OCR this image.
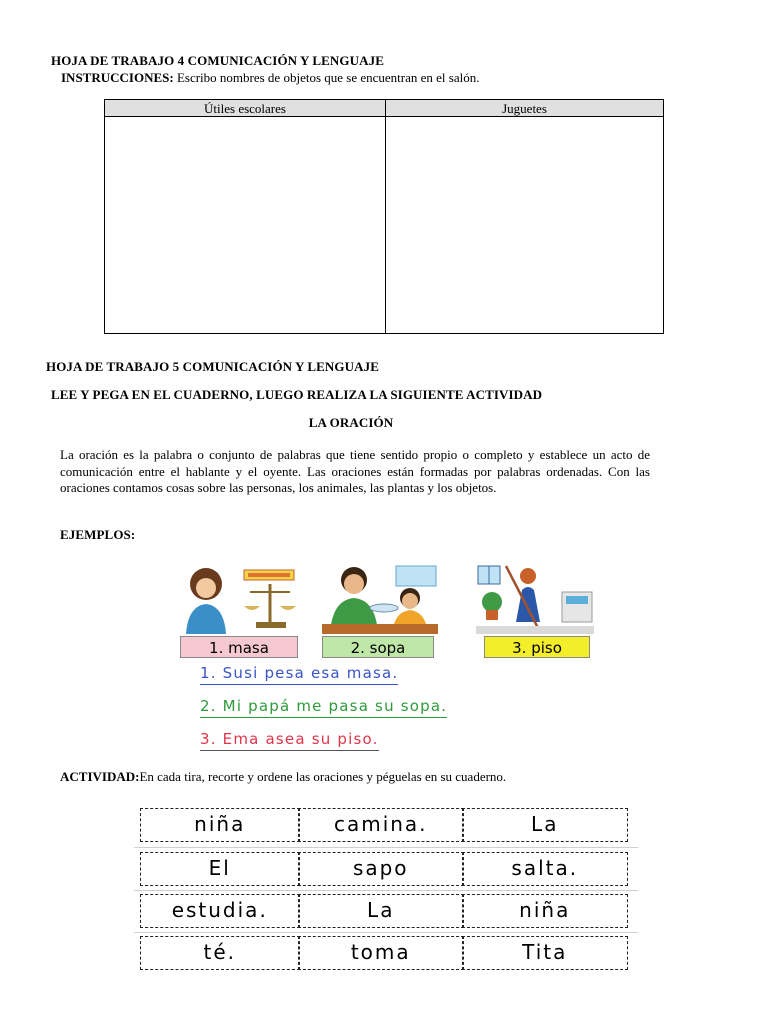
HOJA DE TRABAJO 4 COMUNICACIÓN Y LENGUAJE
INSTRUCCIONES: Escribo nombres de objetos que se encuentran en el salón.
Útiles escolares	Juguetes
HOJA DE TRABAJO 5 COMUNICACIÓN Y LENGUAJE
LEE Y PEGA EN EL CUADERNO, LUEGO REALIZA LA SIGUIENTE ACTIVIDAD
LA ORACIÓN
La oración es la palabra o conjunto de palabras que tiene sentido propio o completo y establece un acto de comunicación entre el hablante y el oyente. Las oraciones están formadas por palabras ordenadas. Con las oraciones contamos cosas sobre las personas, los animales, las plantas y los objetos.
EJEMPLOS:
1. masa	2. sopa	3. piso
1. Susi pesa esa masa.
2. Mi papá me pasa su sopa.
3. Ema asea su piso.
ACTIVIDAD:En cada tira, recorte y ordene las oraciones y péguelas en su cuaderno.
niña	camina.	La
El	sapo	salta.
estudia.	La	niña
té.	toma	Tita
